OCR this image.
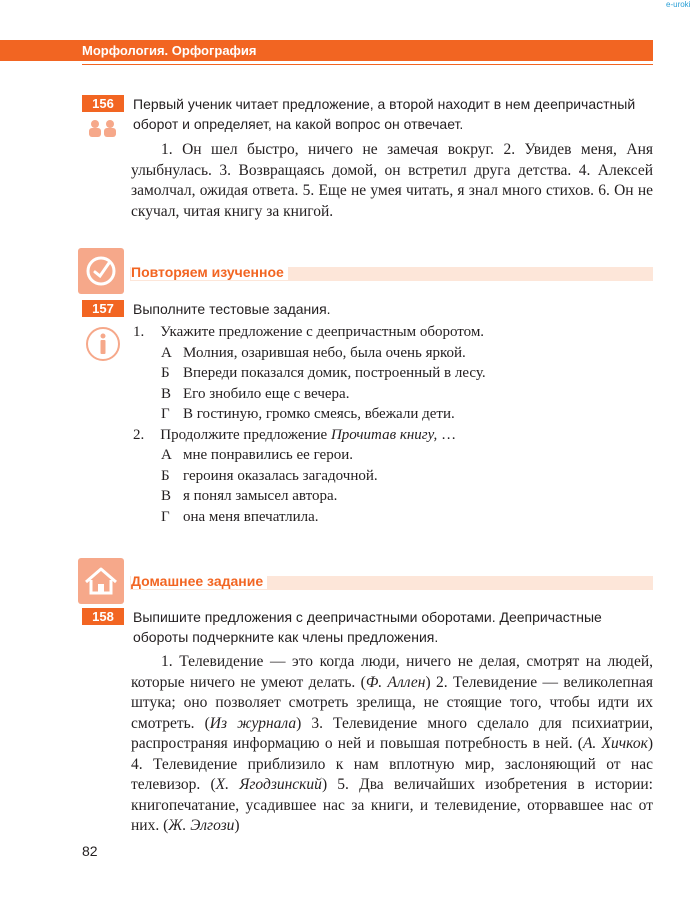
e-uroki
Морфология. Орфография
156	Первый ученик читает предложение, а второй находит в нем деепричастный оборот и определяет, на какой вопрос он отвечает.

1. Он шел быстро, ничего не замечая вокруг. 2. Увидев меня, Аня улыбнулась. 3. Возвращаясь домой, он встретил друга детства. 4. Алексей замолчал, ожидая ответа. 5. Еще не умея читать, я знал много стихов. 6. Он не скучал, читая книгу за книгой.

Повторяем изученное
157	Выполните тестовые задания.
1. Укажите предложение с деепричастным оборотом.
А Молния, озарившая небо, была очень яркой.
Б Впереди показался домик, построенный в лесу.
В Его знобило еще с вечера.
Г В гостиную, громко смеясь, вбежали дети.
2. Продолжите предложение Прочитав книгу, …
А мне понравились ее герои.
Б героиня оказалась загадочной.
В я понял замысел автора.
Г она меня впечатлила.
Домашнее задание
158	Выпишите предложения с деепричастными оборотами. Деепричастные обороты подчеркните как члены предложения.

1. Телевидение — это когда люди, ничего не делая, смотрят на людей, которые ничего не умеют делать. (Ф. Аллен) 2. Телевидение — великолепная штука; оно позволяет смотреть зрелища, не стоящие того, чтобы идти их смотреть. (Из журнала) 3. Телевидение много сделало для психиатрии, распространяя информацию о ней и повышая потребность в ней. (А. Хичкок) 4. Телевидение приблизило к нам вплотную мир, заслоняющий от нас телевизор. (Х. Ягодзинский) 5. Два величайших изобретения в истории: книгопечатание, усадившее нас за книги, и телевидение, оторвавшее нас от них. (Ж. Элгози)

82
